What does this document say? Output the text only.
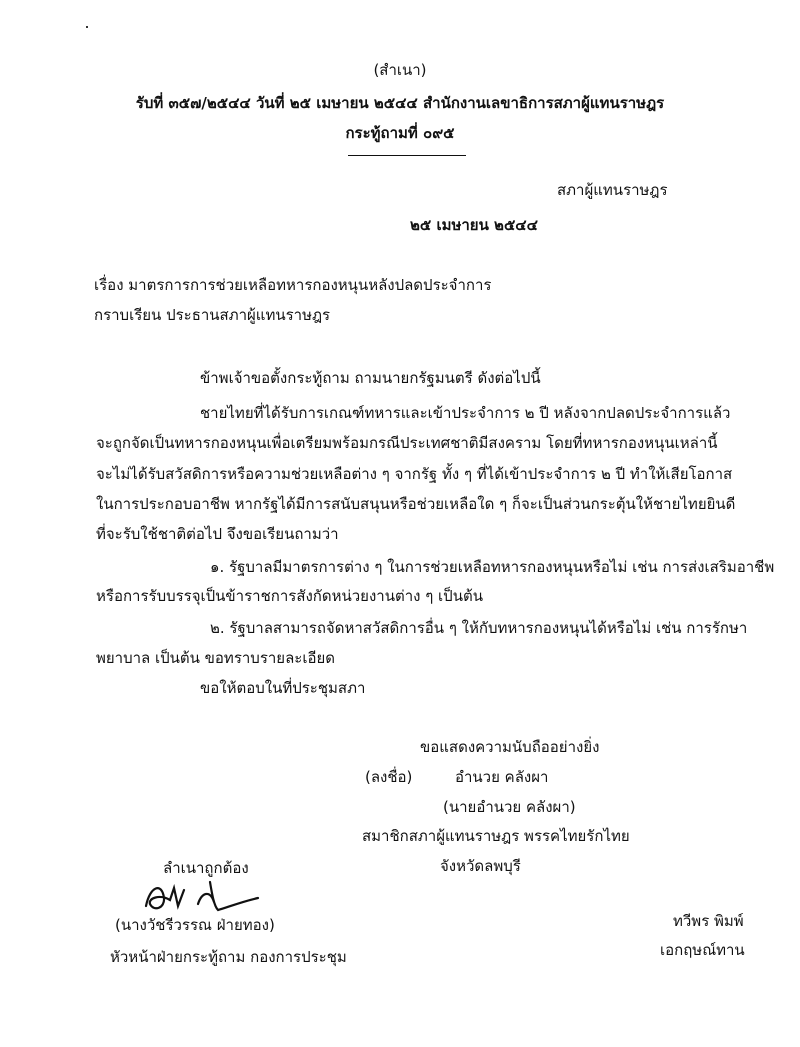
(สำเนา)
รับที่ ๓๕๗/๒๕๔๔ วันที่ ๒๕ เมษายน ๒๕๔๔ สำนักงานเลขาธิการสภาผู้แทนราษฎร
กระทู้ถามที่ ๐๙๕
สภาผู้แทนราษฎร
๒๕ เมษายน ๒๕๔๔
เรื่อง มาตรการการช่วยเหลือทหารกองหนุนหลังปลดประจำการ
กราบเรียน ประธานสภาผู้แทนราษฎร
ข้าพเจ้าขอตั้งกระทู้ถาม ถามนายกรัฐมนตรี ดังต่อไปนี้
ชายไทยที่ได้รับการเกณฑ์ทหารและเข้าประจำการ ๒ ปี หลังจากปลดประจำการแล้ว
จะถูกจัดเป็นทหารกองหนุนเพื่อเตรียมพร้อมกรณีประเทศชาติมีสงคราม โดยที่ทหารกองหนุนเหล่านี้
จะไม่ได้รับสวัสดิการหรือความช่วยเหลือต่าง ๆ จากรัฐ ทั้ง ๆ ที่ได้เข้าประจำการ ๒ ปี ทำให้เสียโอกาส
ในการประกอบอาชีพ หากรัฐได้มีการสนับสนุนหรือช่วยเหลือใด ๆ ก็จะเป็นส่วนกระตุ้นให้ชายไทยยินดี
ที่จะรับใช้ชาติต่อไป จึงขอเรียนถามว่า
๑. รัฐบาลมีมาตรการต่าง ๆ ในการช่วยเหลือทหารกองหนุนหรือไม่ เช่น การส่งเสริมอาชีพ
หรือการรับบรรจุเป็นข้าราชการสังกัดหน่วยงานต่าง ๆ เป็นต้น
๒. รัฐบาลสามารถจัดหาสวัสดิการอื่น ๆ ให้กับทหารกองหนุนได้หรือไม่ เช่น การรักษา
พยาบาล เป็นต้น ขอทราบรายละเอียด
ขอให้ตอบในที่ประชุมสภา
ขอแสดงความนับถืออย่างยิ่ง
(ลงชื่อ)	อำนวย คลังผา
(นายอำนวย คลังผา)
สมาชิกสภาผู้แทนราษฎร พรรคไทยรักไทย
จังหวัดลพบุรี
ลำเนาถูกต้อง
(นางวัชรีวรรณ ฝ่ายทอง)
หัวหน้าฝ่ายกระทู้ถาม กองการประชุม
ทวีพร พิมพ์
เอกฤษณ์ทาน
